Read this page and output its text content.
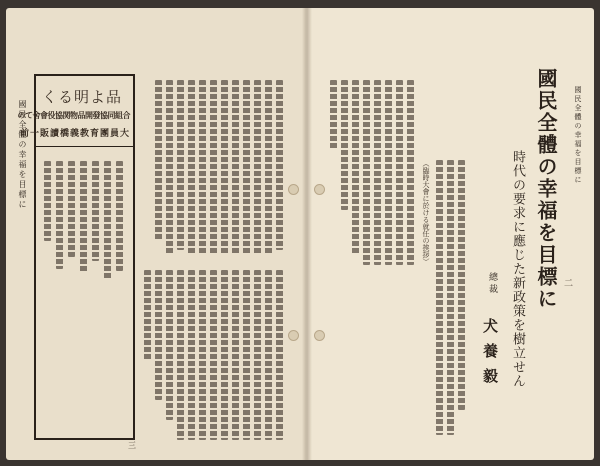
國民全體の幸福を目標に
くる明よ品
のて舍會役協関物品開發協同組合
前一販讀橋義教育團員大
三
（臨時大會に於ける就任の挨拶）
犬養毅
總裁 時代の要求に應じた新政策を樹立せん 國民全體の幸福を目標に 國民全體の幸福を目標に
二
